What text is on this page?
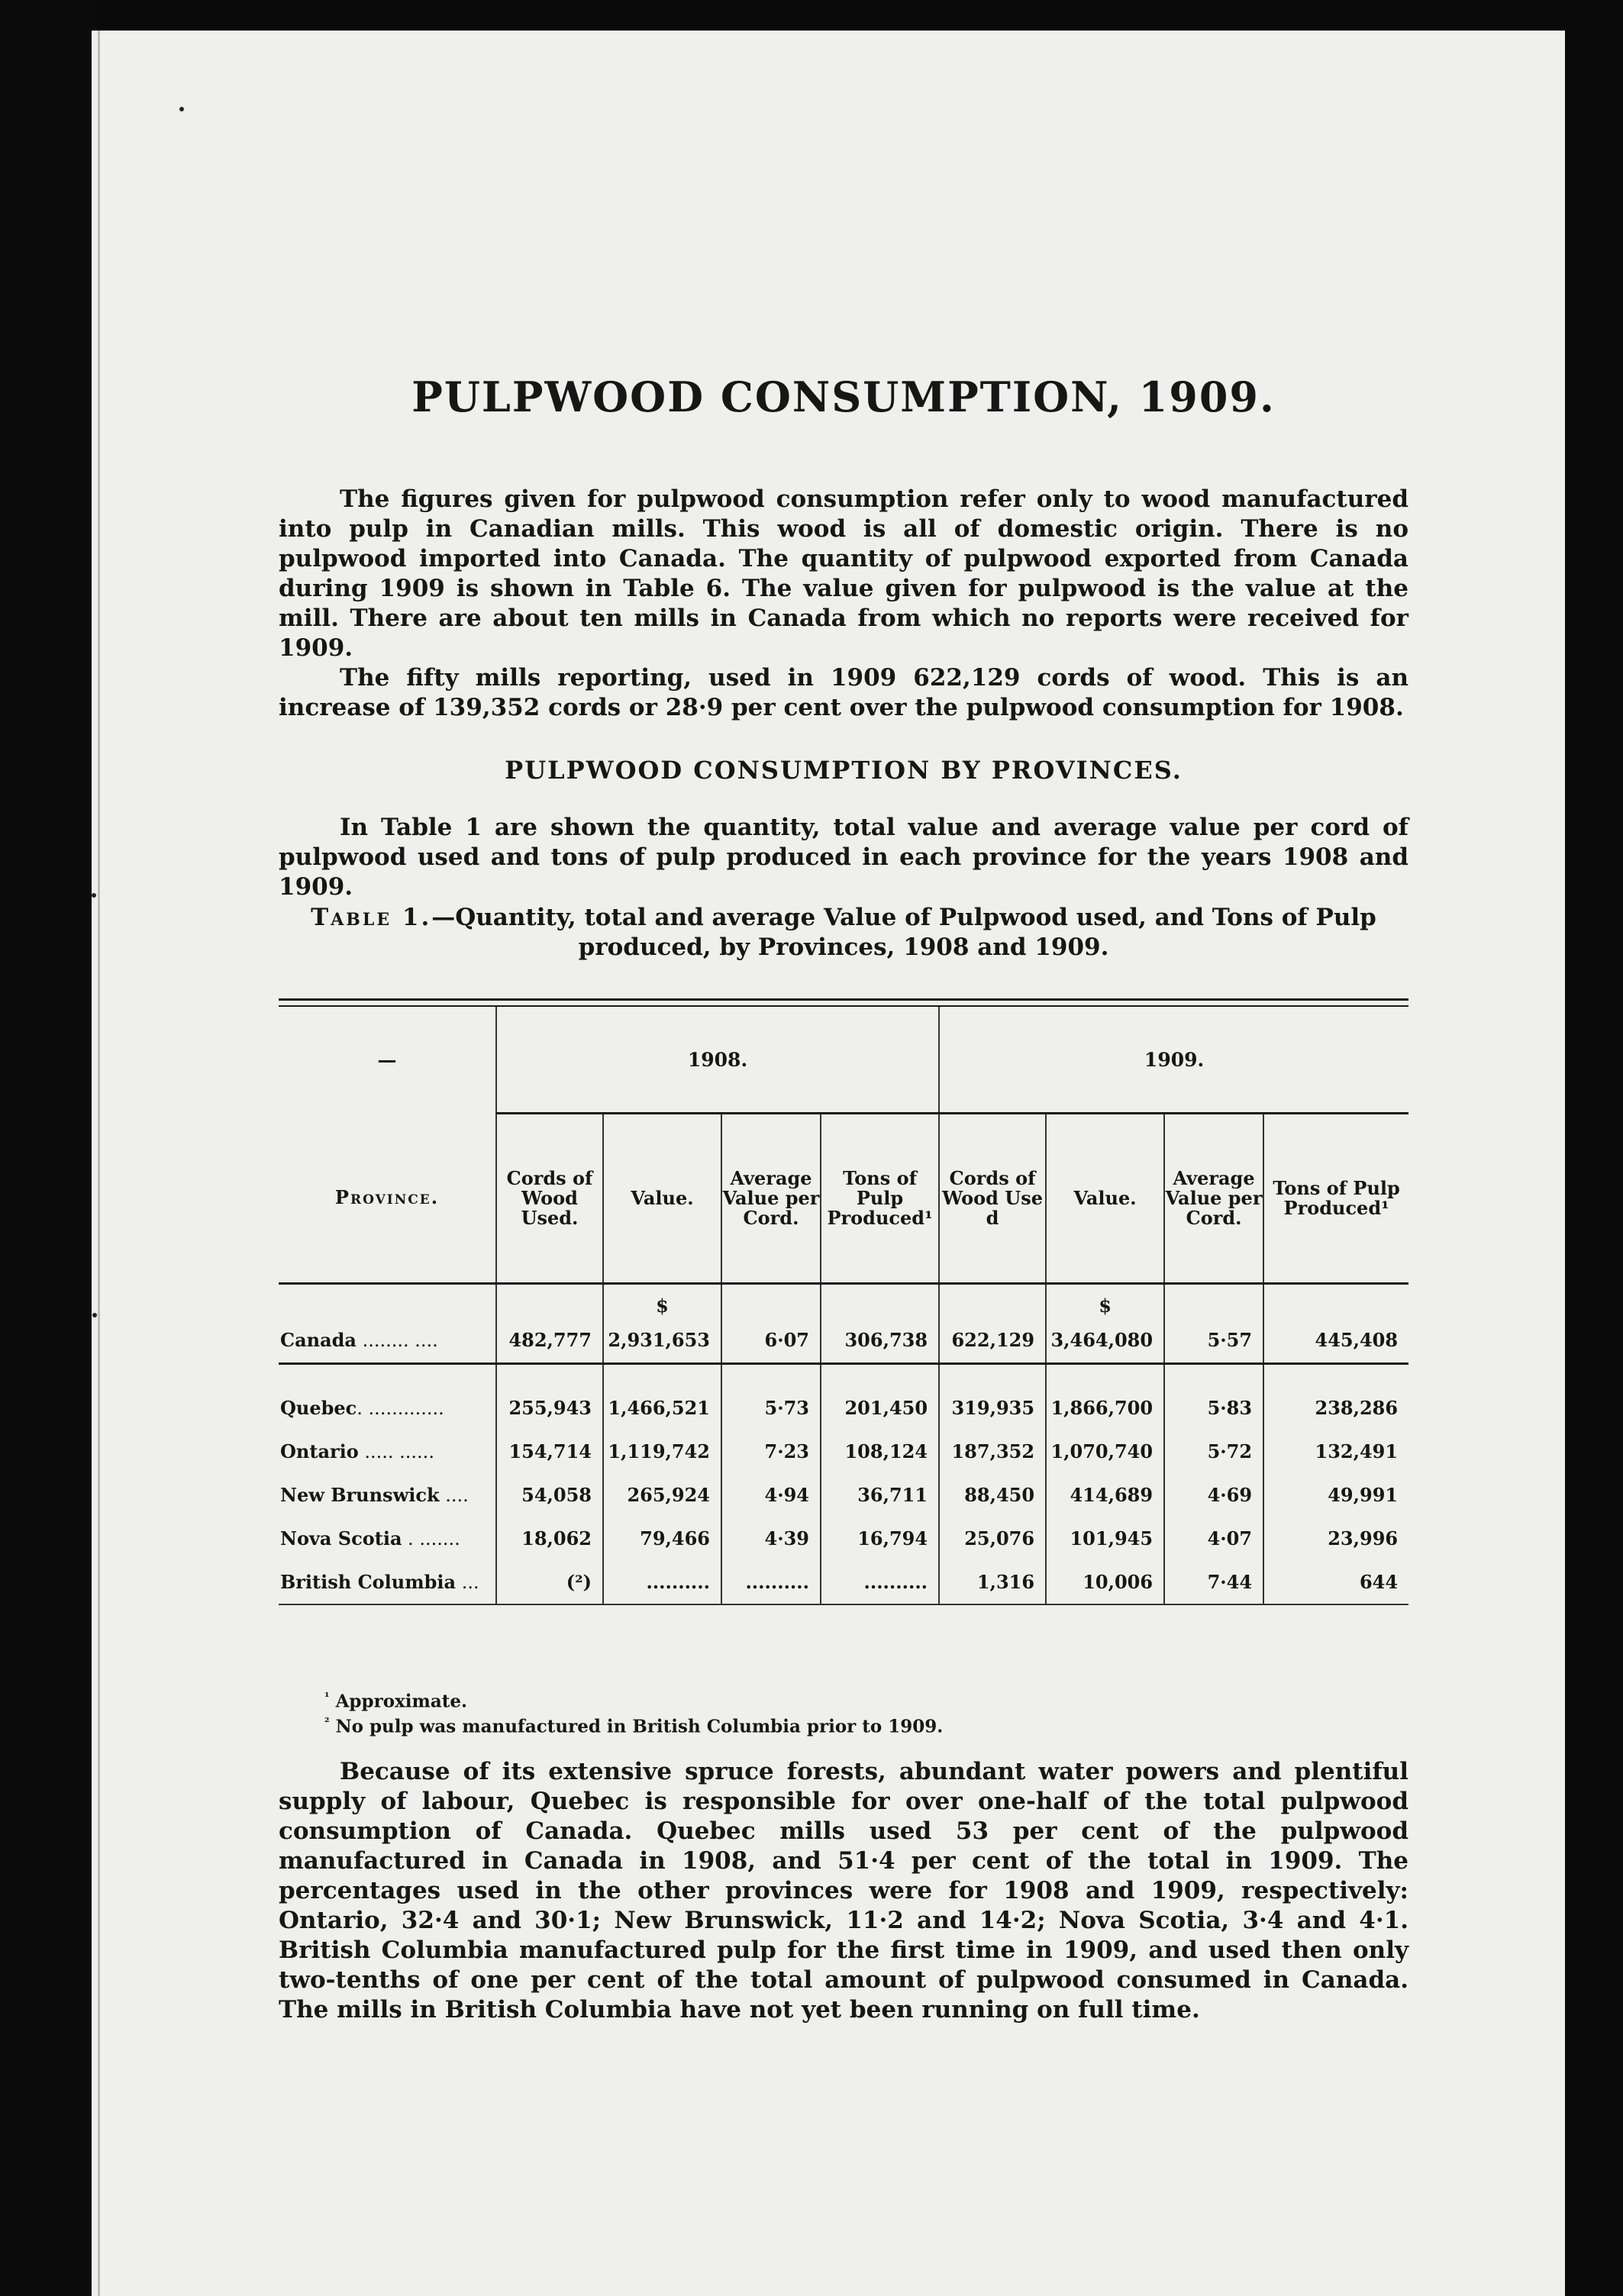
PULPWOOD CONSUMPTION, 1909.

The figures given for pulpwood consumption refer only to wood manufactured into pulp in Canadian mills. This wood is all of domestic origin. There is no pulpwood imported into Canada. The quantity of pulpwood exported from Canada during 1909 is shown in Table 6. The value given for pulpwood is the value at the mill. There are about ten mills in Canada from which no reports were received for 1909.

The fifty mills reporting, used in 1909 622,129 cords of wood. This is an increase of 139,352 cords or 28·9 per cent over the pulpwood consumption for 1908.

PULPWOOD CONSUMPTION BY PROVINCES.

In Table 1 are shown the quantity, total value and average value per cord of pulpwood used and tons of pulp produced in each province for the years 1908 and 1909.

Table 1.—Quantity, total and average Value of Pulpwood used, and Tons of Pulp produced, by Provinces, 1908 and 1909.
—	1908.				1909.			
Province.	Cords of Wood Used.	Value.	Average Value per Cord.	Tons of Pulp Produced¹	Cords of Wood Use d	Value.	Average Value per Cord.	Tons of Pulp Produced¹
		$				$		
Canada ........ ....	482,777	2,931,653	6·07	306,738	622,129	3,464,080	5·57	445,408

Quebec. .............	255,943	1,466,521	5·73	201,450	319,935	1,866,700	5·83	238,286
Ontario ..... ......	154,714	1,119,742	7·23	108,124	187,352	1,070,740	5·72	132,491
New Brunswick ....	54,058	265,924	4·94	36,711	88,450	414,689	4·69	49,991
Nova Scotia . .......	18,062	79,466	4·39	16,794	25,076	101,945	4·07	23,996
British Columbia ...	(²)	..........	..........	..........	1,316	10,006	7·44	644
$^{^1}$ Approximate.
$^{^2}$ No pulp was manufactured in British Columbia prior to 1909.

Because of its extensive spruce forests, abundant water powers and plentiful supply of labour, Quebec is responsible for over one-half of the total pulpwood consumption of Canada. Quebec mills used 53 per cent of the pulpwood manufactured in Canada in 1908, and 51·4 per cent of the total in 1909. The percentages used in the other provinces were for 1908 and 1909, respectively: Ontario, 32·4 and 30·1; New Brunswick, 11·2 and 14·2; Nova Scotia, 3·4 and 4·1. British Columbia manufactured pulp for the first time in 1909, and used then only two-tenths of one per cent of the total amount of pulpwood consumed in Canada. The mills in British Columbia have not yet been running on full time.
